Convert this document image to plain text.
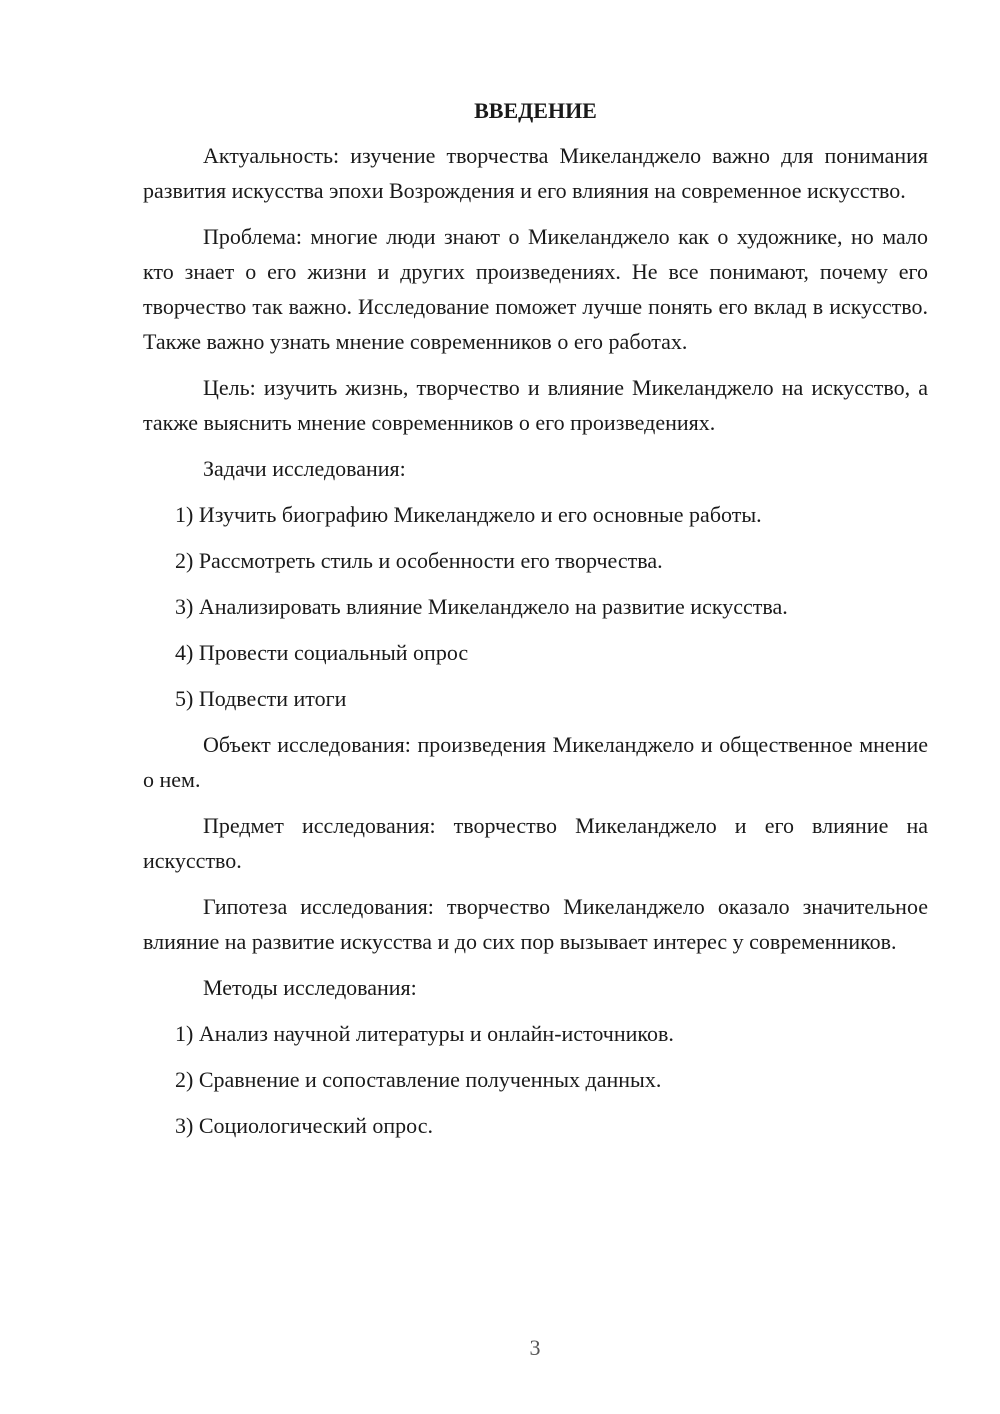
ВВЕДЕНИЕ

Актуальность: изучение творчества Микеланджело важно для понимания развития искусства эпохи Возрождения и его влияния на современное искусство.

Проблема: многие люди знают о Микеланджело как о художнике, но мало кто знает о его жизни и других произведениях. Не все понимают, почему его творчество так важно. Исследование поможет лучше понять его вклад в искусство. Также важно узнать мнение современников о его работах.

Цель: изучить жизнь, творчество и влияние Микеланджело на искусство, а также выяснить мнение современников о его произведениях.

Задачи исследования:

1) Изучить биографию Микеланджело и его основные работы.
2) Рассмотреть стиль и особенности его творчества.
3) Анализировать влияние Микеланджело на развитие искусства.
4) Провести социальный опрос
5) Подвести итоги

Объект исследования: произведения Микеланджело и общественное мнение о нем.

Предмет исследования: творчество Микеланджело и его влияние на искусство.

Гипотеза исследования: творчество Микеланджело оказало значительное влияние на развитие искусства и до сих пор вызывает интерес у современников.

Методы исследования:

1) Анализ научной литературы и онлайн-источников.
2) Сравнение и сопоставление полученных данных.
3) Социологический опрос.
3
